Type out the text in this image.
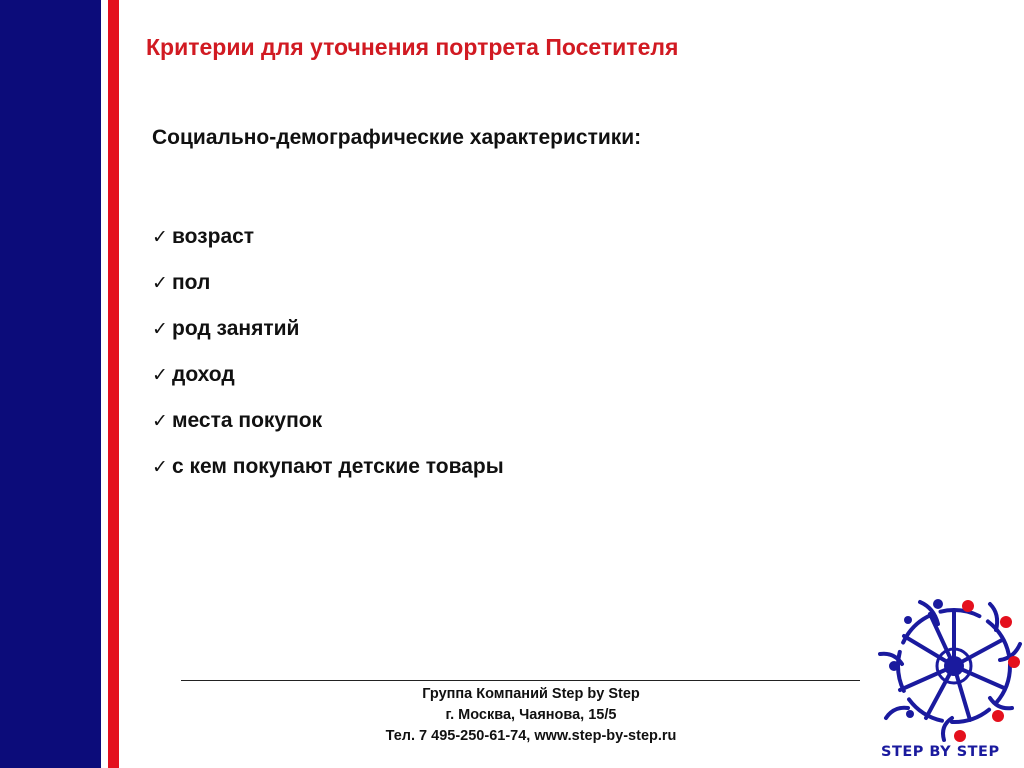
Критерии для уточнения портрета Посетителя
Социально-демографические характеристики:
✓ возраст
✓ пол
✓ род занятий
✓ доход
✓ места покупок
✓ с кем покупают детские товары
Группа Компаний Step by Step
г. Москва, Чаянова, 15/5
Тел. 7 495-250-61-74, www.step-by-step.ru
STEP BY STEP
